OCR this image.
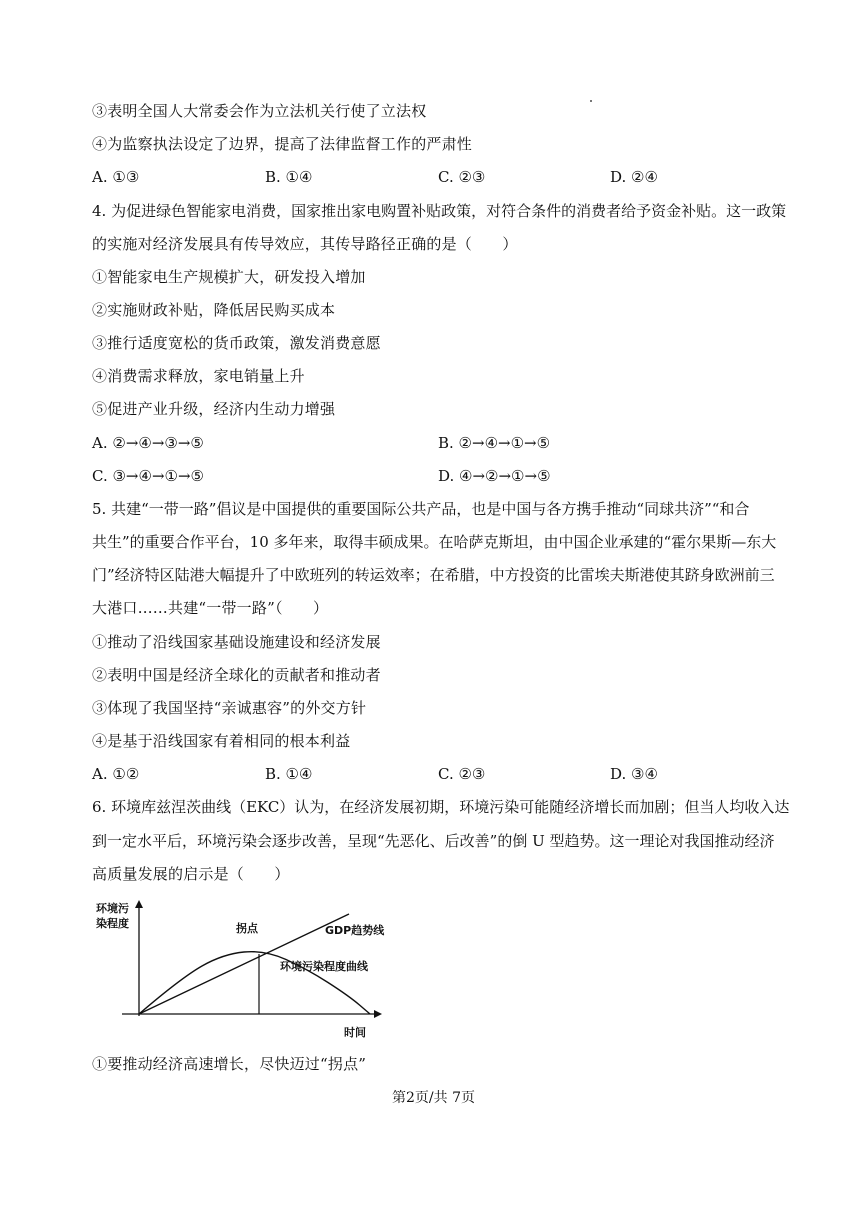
③表明全国人大常委会作为立法机关行使了立法权
④为监察执法设定了边界，提高了法律监督工作的严肃性
A. ①③	B. ①④	C. ②③	D. ②④
4. 为促进绿色智能家电消费，国家推出家电购置补贴政策，对符合条件的消费者给予资金补贴。这一政策
的实施对经济发展具有传导效应，其传导路径正确的是（　　）
①智能家电生产规模扩大，研发投入增加
②实施财政补贴，降低居民购买成本
③推行适度宽松的货币政策，激发消费意愿
④消费需求释放，家电销量上升
⑤促进产业升级，经济内生动力增强
A. ②→④→③→⑤	B. ②→④→①→⑤
C. ③→④→①→⑤	D. ④→②→①→⑤
5. 共建“一带一路”倡议是中国提供的重要国际公共产品，也是中国与各方携手推动“同球共济”“和合
共生”的重要合作平台，10 多年来，取得丰硕成果。在哈萨克斯坦，由中国企业承建的“霍尔果斯—东大
门”经济特区陆港大幅提升了中欧班列的转运效率；在希腊，中方投资的比雷埃夫斯港使其跻身欧洲前三
大港口……共建“一带一路”（　　）
①推动了沿线国家基础设施建设和经济发展
②表明中国是经济全球化的贡献者和推动者
③体现了我国坚持“亲诚惠容”的外交方针
④是基于沿线国家有着相同的根本利益
A. ①②	B. ①④	C. ②③	D. ③④
6. 环境库兹涅茨曲线（EKC）认为，在经济发展初期，环境污染可能随经济增长而加剧；但当人均收入达
到一定水平后，环境污染会逐步改善，呈现“先恶化、后改善”的倒 U 型趋势。这一理论对我国推动经济
高质量发展的启示是（　　）
环境污
染程度
时间
拐点	GDP趋势线
环境污染程度曲线
①要推动经济高速增长，尽快迈过“拐点”
第2页/共 7页
